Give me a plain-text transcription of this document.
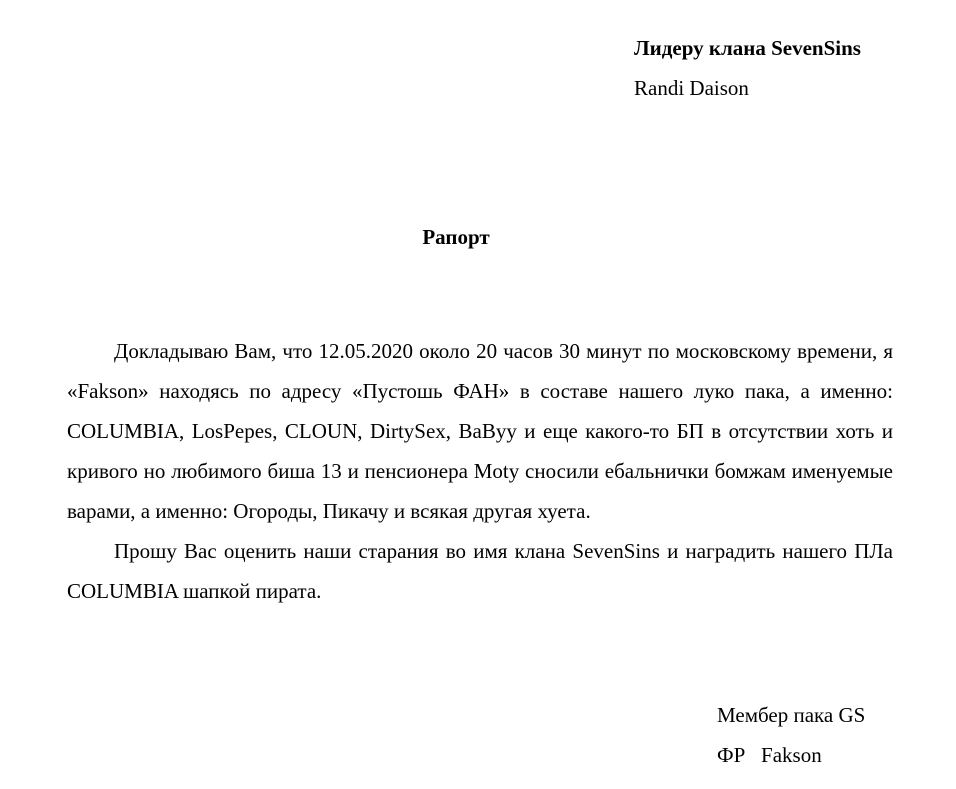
Лидеру клана SevenSins
Randi Daison
Рапорт

Докладываю Вам, что 12.05.2020 около 20 часов 30 минут по московскому времени, я «Fakson» находясь по адресу «Пустошь ФАН» в составе нашего луко пака, а именно: COLUMBIA, LosPepes, CLOUN, DirtySex, BaByy и еще какого-то БП в отсутствии хоть и кривого но любимого биша 13 и пенсионера Moty сносили ебальнички бомжам именуемые варами, а именно: Огороды, Пикачу и всякая другая хуета.

Прошу Вас оценить наши старания во имя клана SevenSins и наградить нашего ПЛа COLUMBIA шапкой пирата.

Мембер пака GS
ФР   Fakson
